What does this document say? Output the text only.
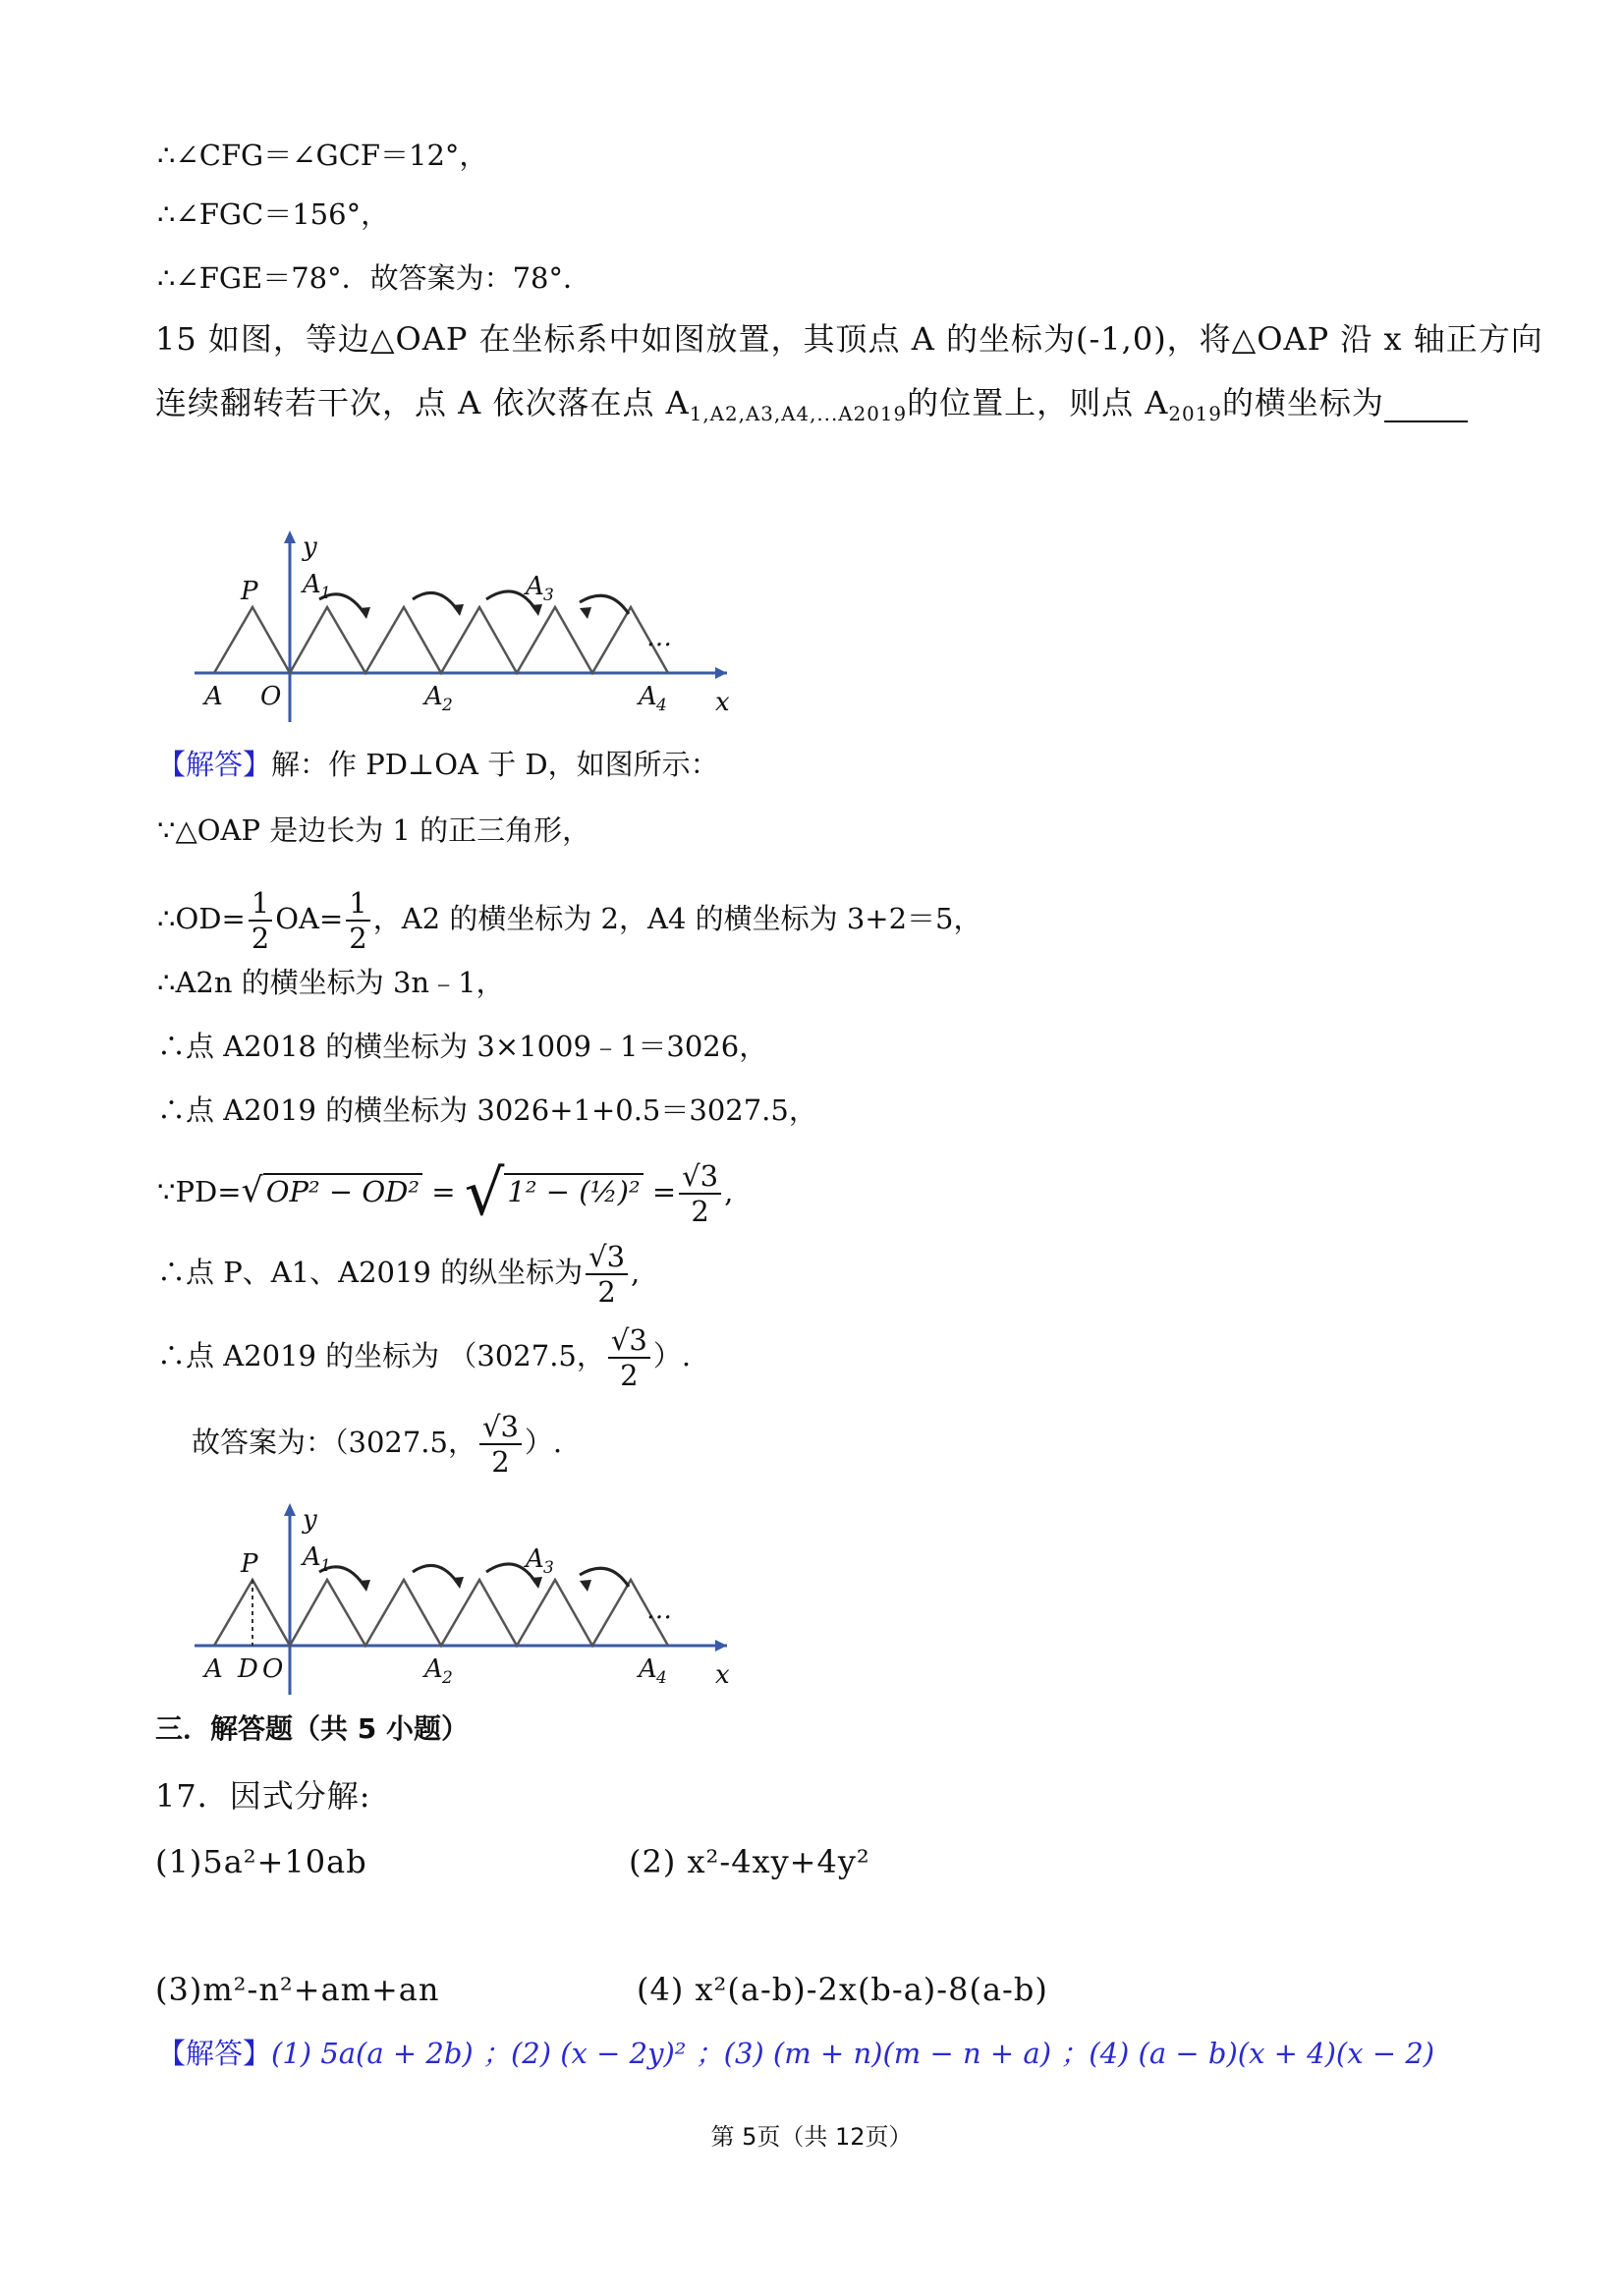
∴∠CFG＝∠GCF＝12°，
∴∠FGC＝156°，
∴∠FGE＝78°．故答案为：78°．
15 如图，等边△OAP 在坐标系中如图放置，其顶点 A 的坐标为(-1,0)，将△OAP 沿 x 轴正方向
连续翻转若干次，点 A 依次落在点 $A_{1,A2,A3,A4,...A2019}$的位置上，则点 $A_{2019}$的横坐标为
y
x
P A 1	A 3
A O	A 2	A 4
…
【解答】解：作 PD⊥OA 于 D，如图所示：
∵△OAP 是边长为 1 的正三角形，
∴OD= $\frac{1}{2} OA= \frac{1}{2}$ ，A2 的横坐标为 2，A4 的横坐标为 3+2＝5，
∴A2n 的横坐标为 3n﹣1，
∴点 A2018 的横坐标为 3×1009﹣1＝3026，
∴点 A2019 的横坐标为 3026+1+0.5＝3027.5，
∵PD=√ OP² − OD² = √ 1² − (½)² = $\frac{√3}{2}$ ,
∴点 P、A1、A2019 的纵坐标为 $\frac{√3}{2}$ ,
∴点 A2019 的坐标为 （3027.5， $\frac{√3}{2}$ ）.
故答案为：（3027.5， $\frac{√3}{2}$ ）.
y
x
P A 1	A 3
A D O	A 2	A 4
…
三．解答题（共 5 小题）
17．因式分解:
(1)5a²+10ab	(2) x²-4xy+4y²
(3)m²-n²+am+an	(4) x²(a-b)-2x(b-a)-8(a-b)
【解答】(1) 5a(a + 2b) ；(2) (x − 2y)² ；(3) (m + n)(m − n + a) ；(4) (a − b)(x + 4)(x − 2)
第 5页（共 12页）
